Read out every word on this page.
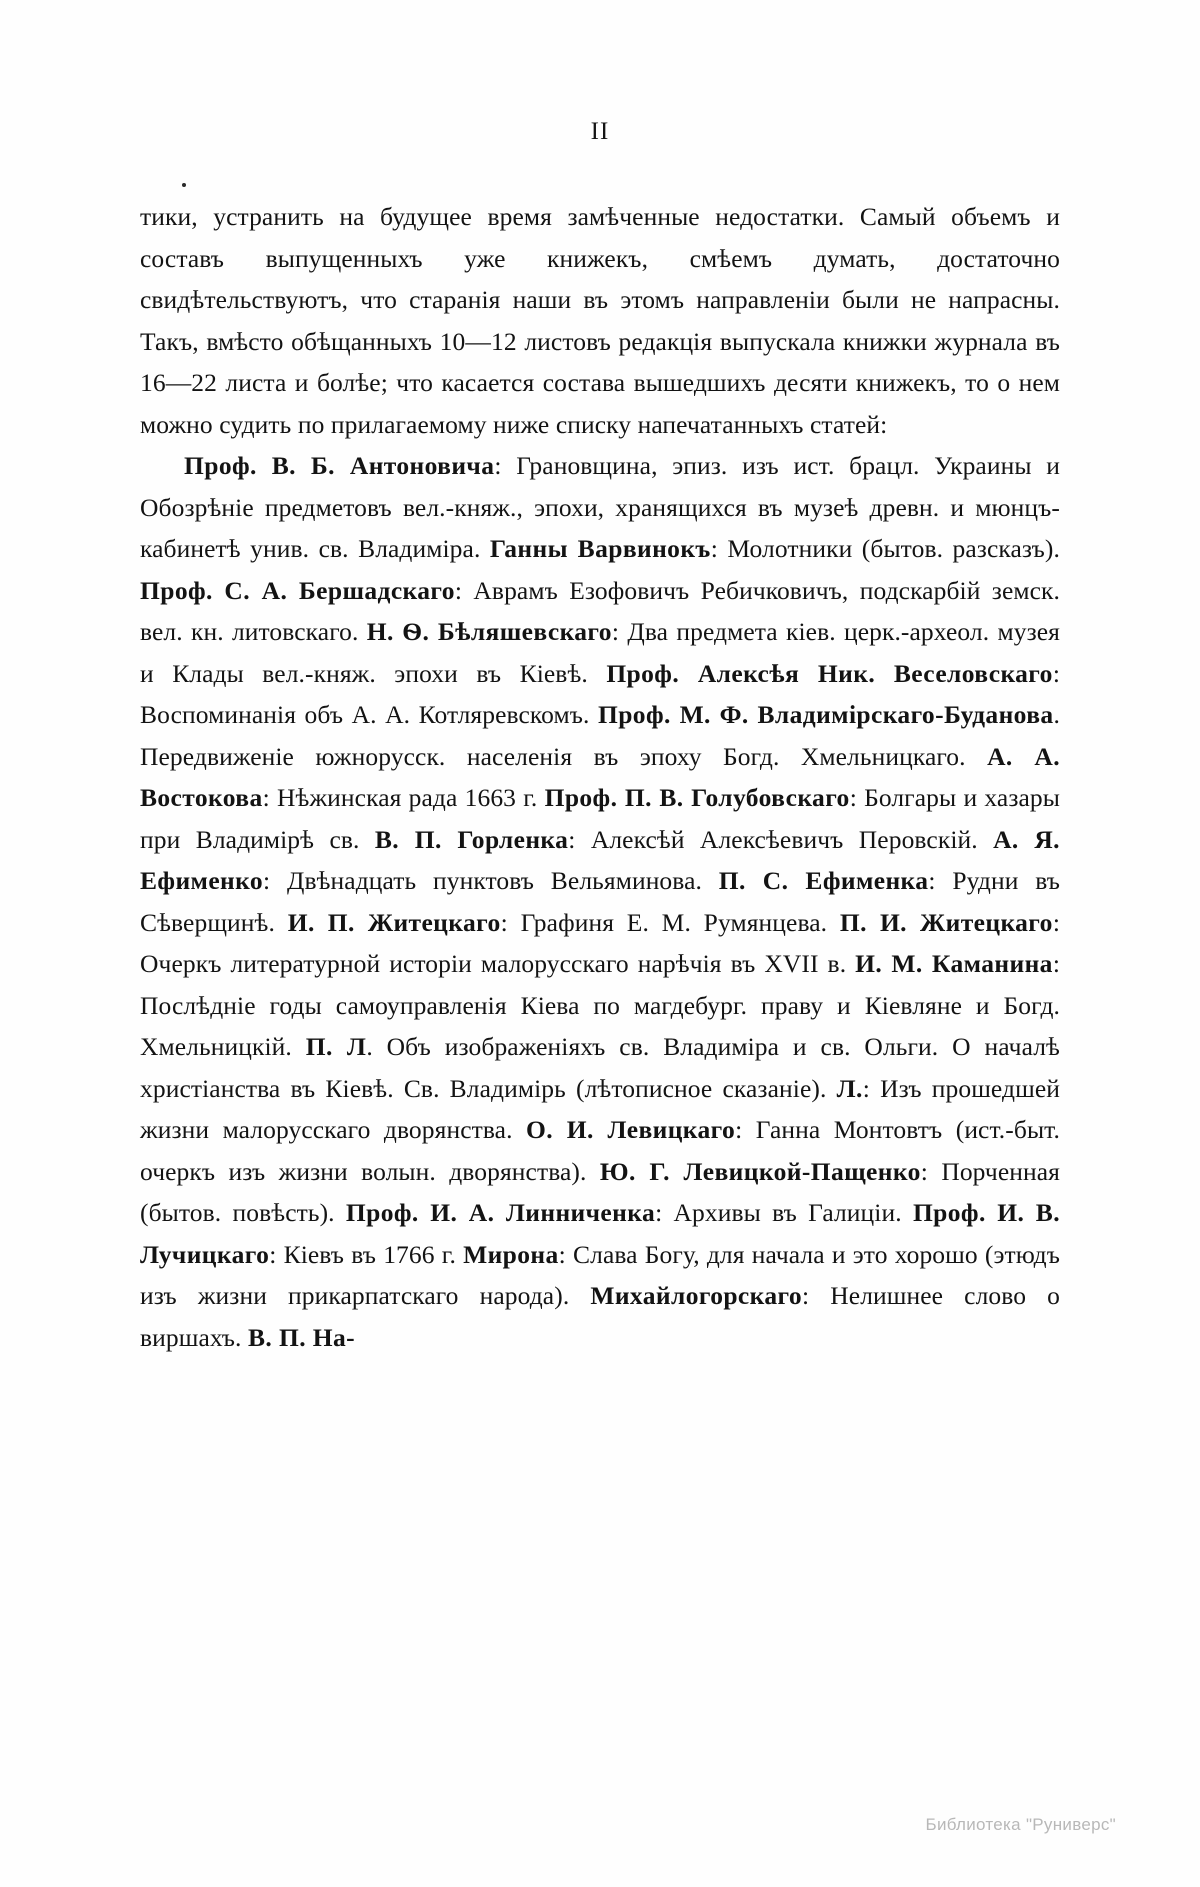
II

тики, устранить на будущее время замѣченные недостатки. Самый объемъ и составъ выпущенныхъ уже книжекъ, смѣемъ думать, достаточно свидѣтельствуютъ, что старанія наши въ этомъ направленіи были не напрасны. Такъ, вмѣсто обѣщанныхъ 10—12 листовъ редакція выпускала книжки журнала въ 16—22 листа и болѣе; что касается состава вышедшихъ десяти книжекъ, то о нем можно судить по прилагаемому ниже списку напечатанныхъ статей:

Проф. В. Б. Антоновича: Грановщина, эпиз. изъ ист. брацл. Украины и Обозрѣніе предметовъ вел.-княж., эпохи, хранящихся въ музеѣ древн. и мюнцъ-кабинетѣ унив. св. Владиміра. Ганны Варвинокъ: Молотники (бытов. разсказъ). Проф. С. А. Бершадскаго: Аврамъ Езофовичъ Ребичковичъ, подскарбій земск. вел. кн. литовскаго. Н. Ѳ. Бѣляшевскаго: Два предмета кіев. церк.-археол. музея и Клады вел.-княж. эпохи въ Кіевѣ. Проф. Алексѣя Ник. Веселовскаго: Воспоминанія объ А. А. Котляревскомъ. Проф. М. Ф. Владимірскаго-Буданова. Передвиженіе южнорусск. населенія въ эпоху Богд. Хмельницкаго. А. А. Востокова: Нѣжинская рада 1663 г. Проф. П. В. Голубовскаго: Болгары и хазары при Владимірѣ св. В. П. Горленка: Алексѣй Алексѣевичъ Перовскій. А. Я. Ефименко: Двѣнадцать пунктовъ Вельяминова. П. С. Ефименка: Рудни въ Сѣверщинѣ. И. П. Житецкаго: Графиня Е. М. Румянцева. П. И. Житецкаго: Очеркъ литературной исторіи малорусскаго нарѣчія въ XVII в. И. М. Каманина: Послѣдніе годы самоуправленія Кіева по магдебург. праву и Кіевляне и Богд. Хмельницкій. П. Л. Объ изображеніяхъ св. Владиміра и св. Ольги. О началѣ христіанства въ Кіевѣ. Св. Владимірь (лѣтописное сказаніе). Л.: Изъ прошедшей жизни малорусскаго дворянства. О. И. Левицкаго: Ганна Монтовтъ (ист.-быт. очеркъ изъ жизни волын. дворянства). Ю. Г. Левицкой-Пащенко: Порченная (бытов. повѣсть). Проф. И. А. Линниченка: Архивы въ Галиціи. Проф. И. В. Лучицкаго: Кіевъ въ 1766 г. Мирона: Слава Богу, для начала и это хорошо (этюдъ изъ жизни прикарпатскаго народа). Михайлогорскаго: Нелишнее слово о виршахъ. В. П. На-

Библиотека "Руниверс"
